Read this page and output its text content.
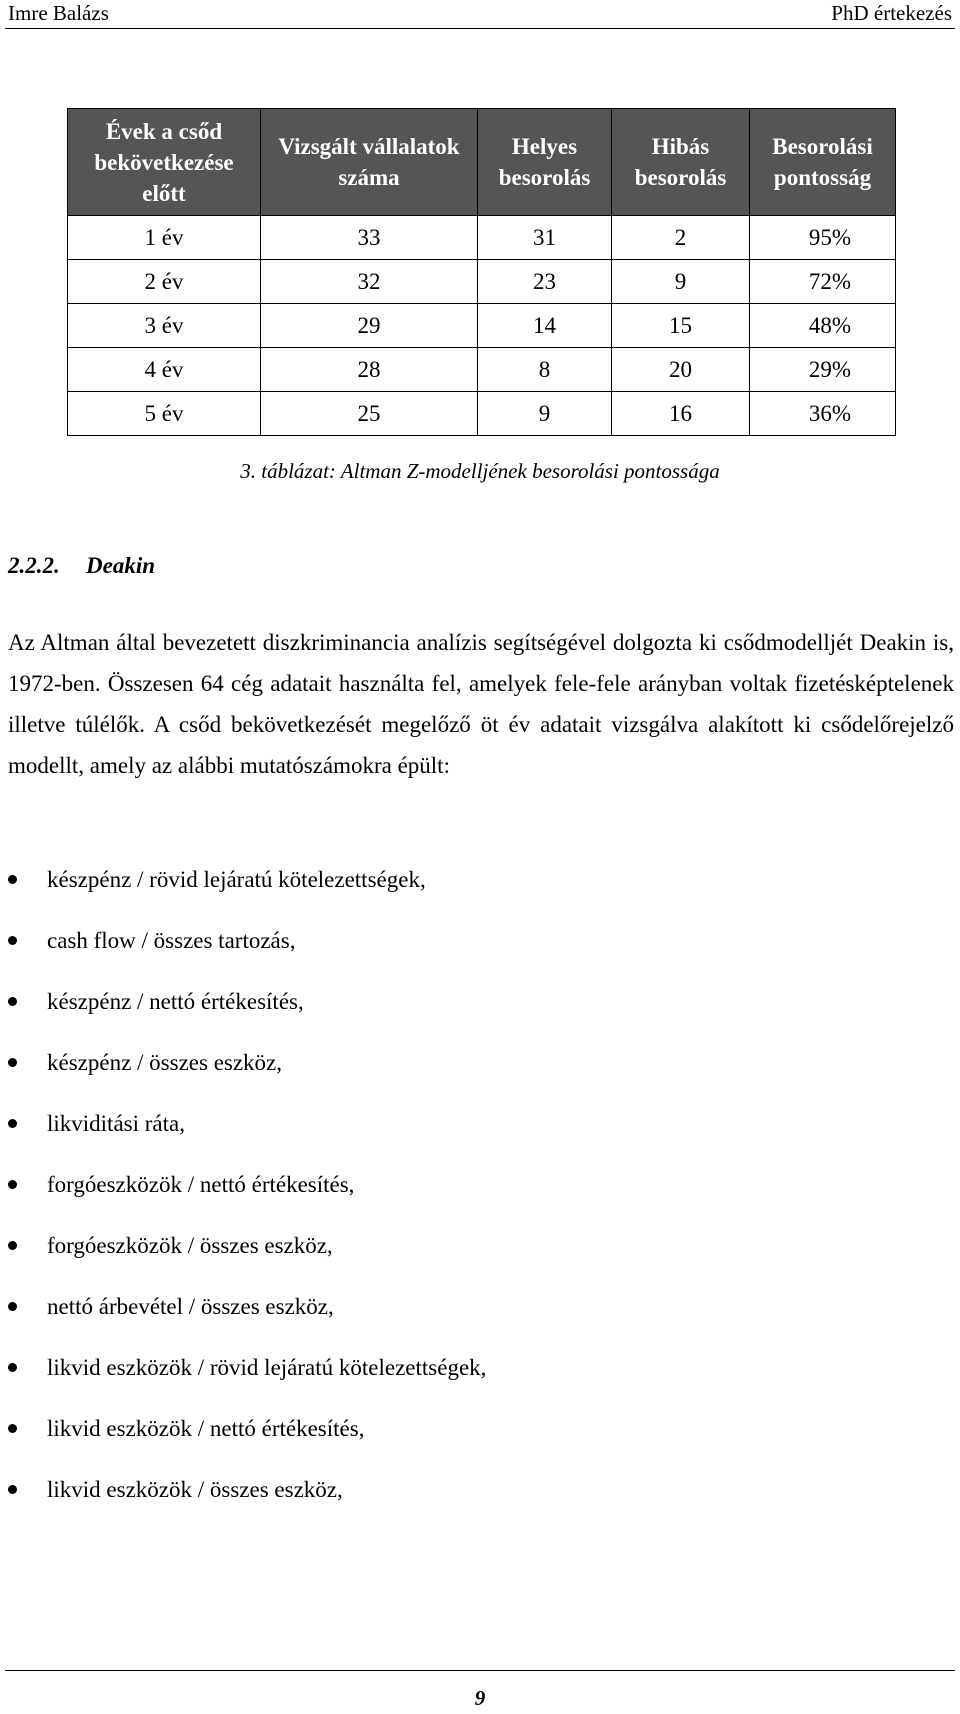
Imre Balázs	PhD értekezés
Évek a csőd bekövetkezése előtt	Vizsgált vállalatok száma	Helyes besorolás	Hibás besorolás	Besorolási pontosság
1 év	33	31	2	95%
2 év	32	23	9	72%
3 év	29	14	15	48%
4 év	28	8	20	29%
5 év	25	9	16	36%
3. táblázat: Altman Z-modelljének besorolási pontossága
2.2.2. Deakin
Az Altman által bevezetett diszkriminancia analízis segítségével dolgozta ki csődmodelljét Deakin is, 1972-ben. Összesen 64 cég adatait használta fel, amelyek fele-fele arányban voltak fizetésképtelenek illetve túlélők. A csőd bekövetkezését megelőző öt év adatait vizsgálva alakított ki csődelőrejelző modellt, amely az alábbi mutatószámokra épült:
készpénz / rövid lejáratú kötelezettségek,
cash flow / összes tartozás,
készpénz / nettó értékesítés,
készpénz / összes eszköz,
likviditási ráta,
forgóeszközök / nettó értékesítés,
forgóeszközök / összes eszköz,
nettó árbevétel / összes eszköz,
likvid eszközök / rövid lejáratú kötelezettségek,
likvid eszközök / nettó értékesítés,
likvid eszközök / összes eszköz,
9
